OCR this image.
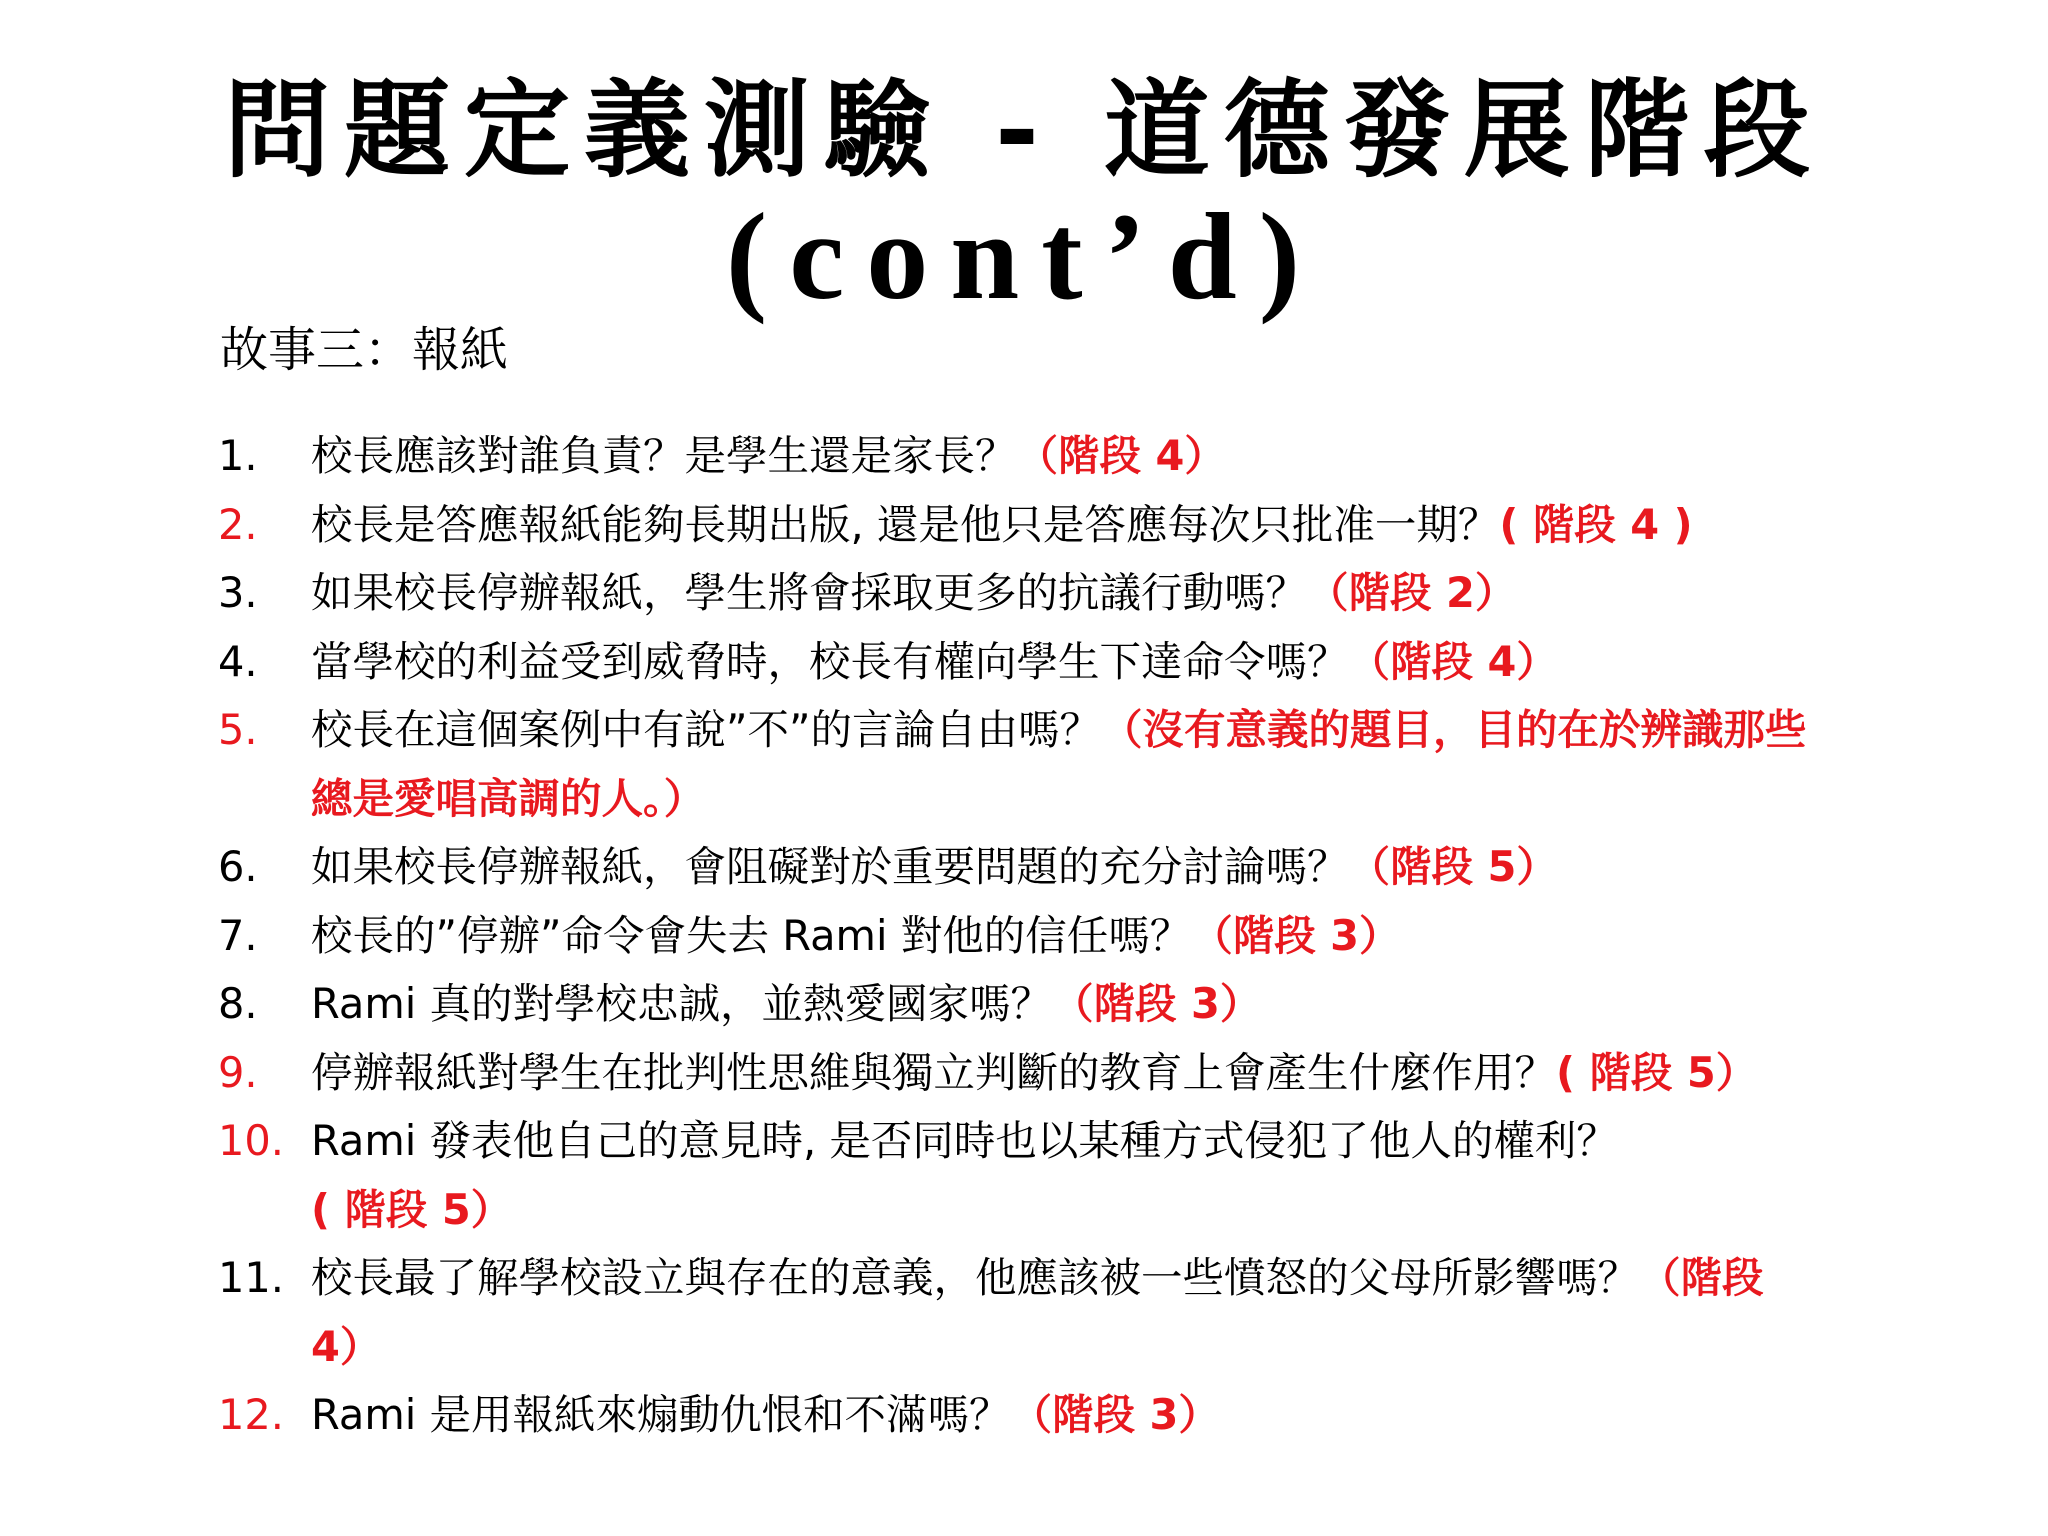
問題定義測驗 - 道德發展階段
(cont’d)

故事三：報紙

1.	校長應該對誰負責？是學生還是家長？（階段 4）
2.	校長是答應報紙能夠長期出版, 還是他只是答應每次只批准一期？( 階段 4 )
3.	如果校長停辦報紙，學生將會採取更多的抗議行動嗎？（階段 2）
4.	當學校的利益受到威脅時，校長有權向學生下達命令嗎？（階段 4）
5.	校長在這個案例中有說”不”的言論自由嗎？（沒有意義的題目，目的在於辨識那些總是愛唱高調的人。）
6.	如果校長停辦報紙，會阻礙對於重要問題的充分討論嗎？（階段 5）
7.	校長的”停辦”命令會失去 Rami 對他的信任嗎？（階段 3）
8.	Rami 真的對學校忠誠，並熱愛國家嗎？（階段 3）
9.	停辦報紙對學生在批判性思維與獨立判斷的教育上會產生什麼作用？( 階段 5）
10. Rami 發表他自己的意見時, 是否同時也以某種方式侵犯了他人的權利？( 階段 5）
11. 校長最了解學校設立與存在的意義，他應該被一些憤怒的父母所影響嗎？（階段 4）
12. Rami 是用報紙來煽動仇恨和不滿嗎？（階段 3）
